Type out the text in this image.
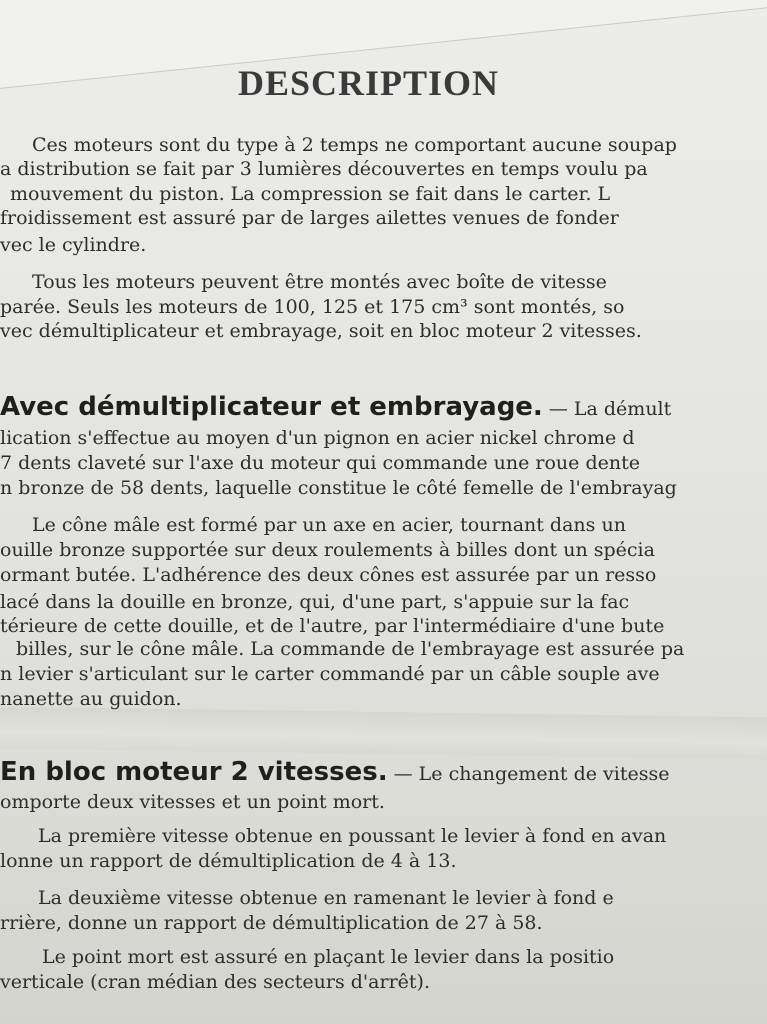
DESCRIPTION
Ces moteurs sont du type à 2 temps ne comportant aucune soupap
a distribution se fait par 3 lumières découvertes en temps voulu pa
mouvement du piston. La compression se fait dans le carter. L
froidissement est assuré par de larges ailettes venues de fonder
vec le cylindre.
Tous les moteurs peuvent être montés avec boîte de vitesse
parée. Seuls les moteurs de 100, 125 et 175 cm³ sont montés, so
vec démultiplicateur et embrayage, soit en bloc moteur 2 vitesses.
Avec démultiplicateur et embrayage. — La démult
lication s'effectue au moyen d'un pignon en acier nickel chrome d
7 dents claveté sur l'axe du moteur qui commande une roue dente
n bronze de 58 dents, laquelle constitue le côté femelle de l'embrayag
Le cône mâle est formé par un axe en acier, tournant dans un
ouille bronze supportée sur deux roulements à billes dont un spécia
ormant butée. L'adhérence des deux cônes est assurée par un resso
lacé dans la douille en bronze, qui, d'une part, s'appuie sur la fac
térieure de cette douille, et de l'autre, par l'intermédiaire d'une bute
billes, sur le cône mâle. La commande de l'embrayage est assurée pa
n levier s'articulant sur le carter commandé par un câble souple ave
nanette au guidon.
En bloc moteur 2 vitesses. — Le changement de vitesse
omporte deux vitesses et un point mort.
La première vitesse obtenue en poussant le levier à fond en avan
lonne un rapport de démultiplication de 4 à 13.
La deuxième vitesse obtenue en ramenant le levier à fond e
rrière, donne un rapport de démultiplication de 27 à 58.
Le point mort est assuré en plaçant le levier dans la positio
verticale (cran médian des secteurs d'arrêt).
